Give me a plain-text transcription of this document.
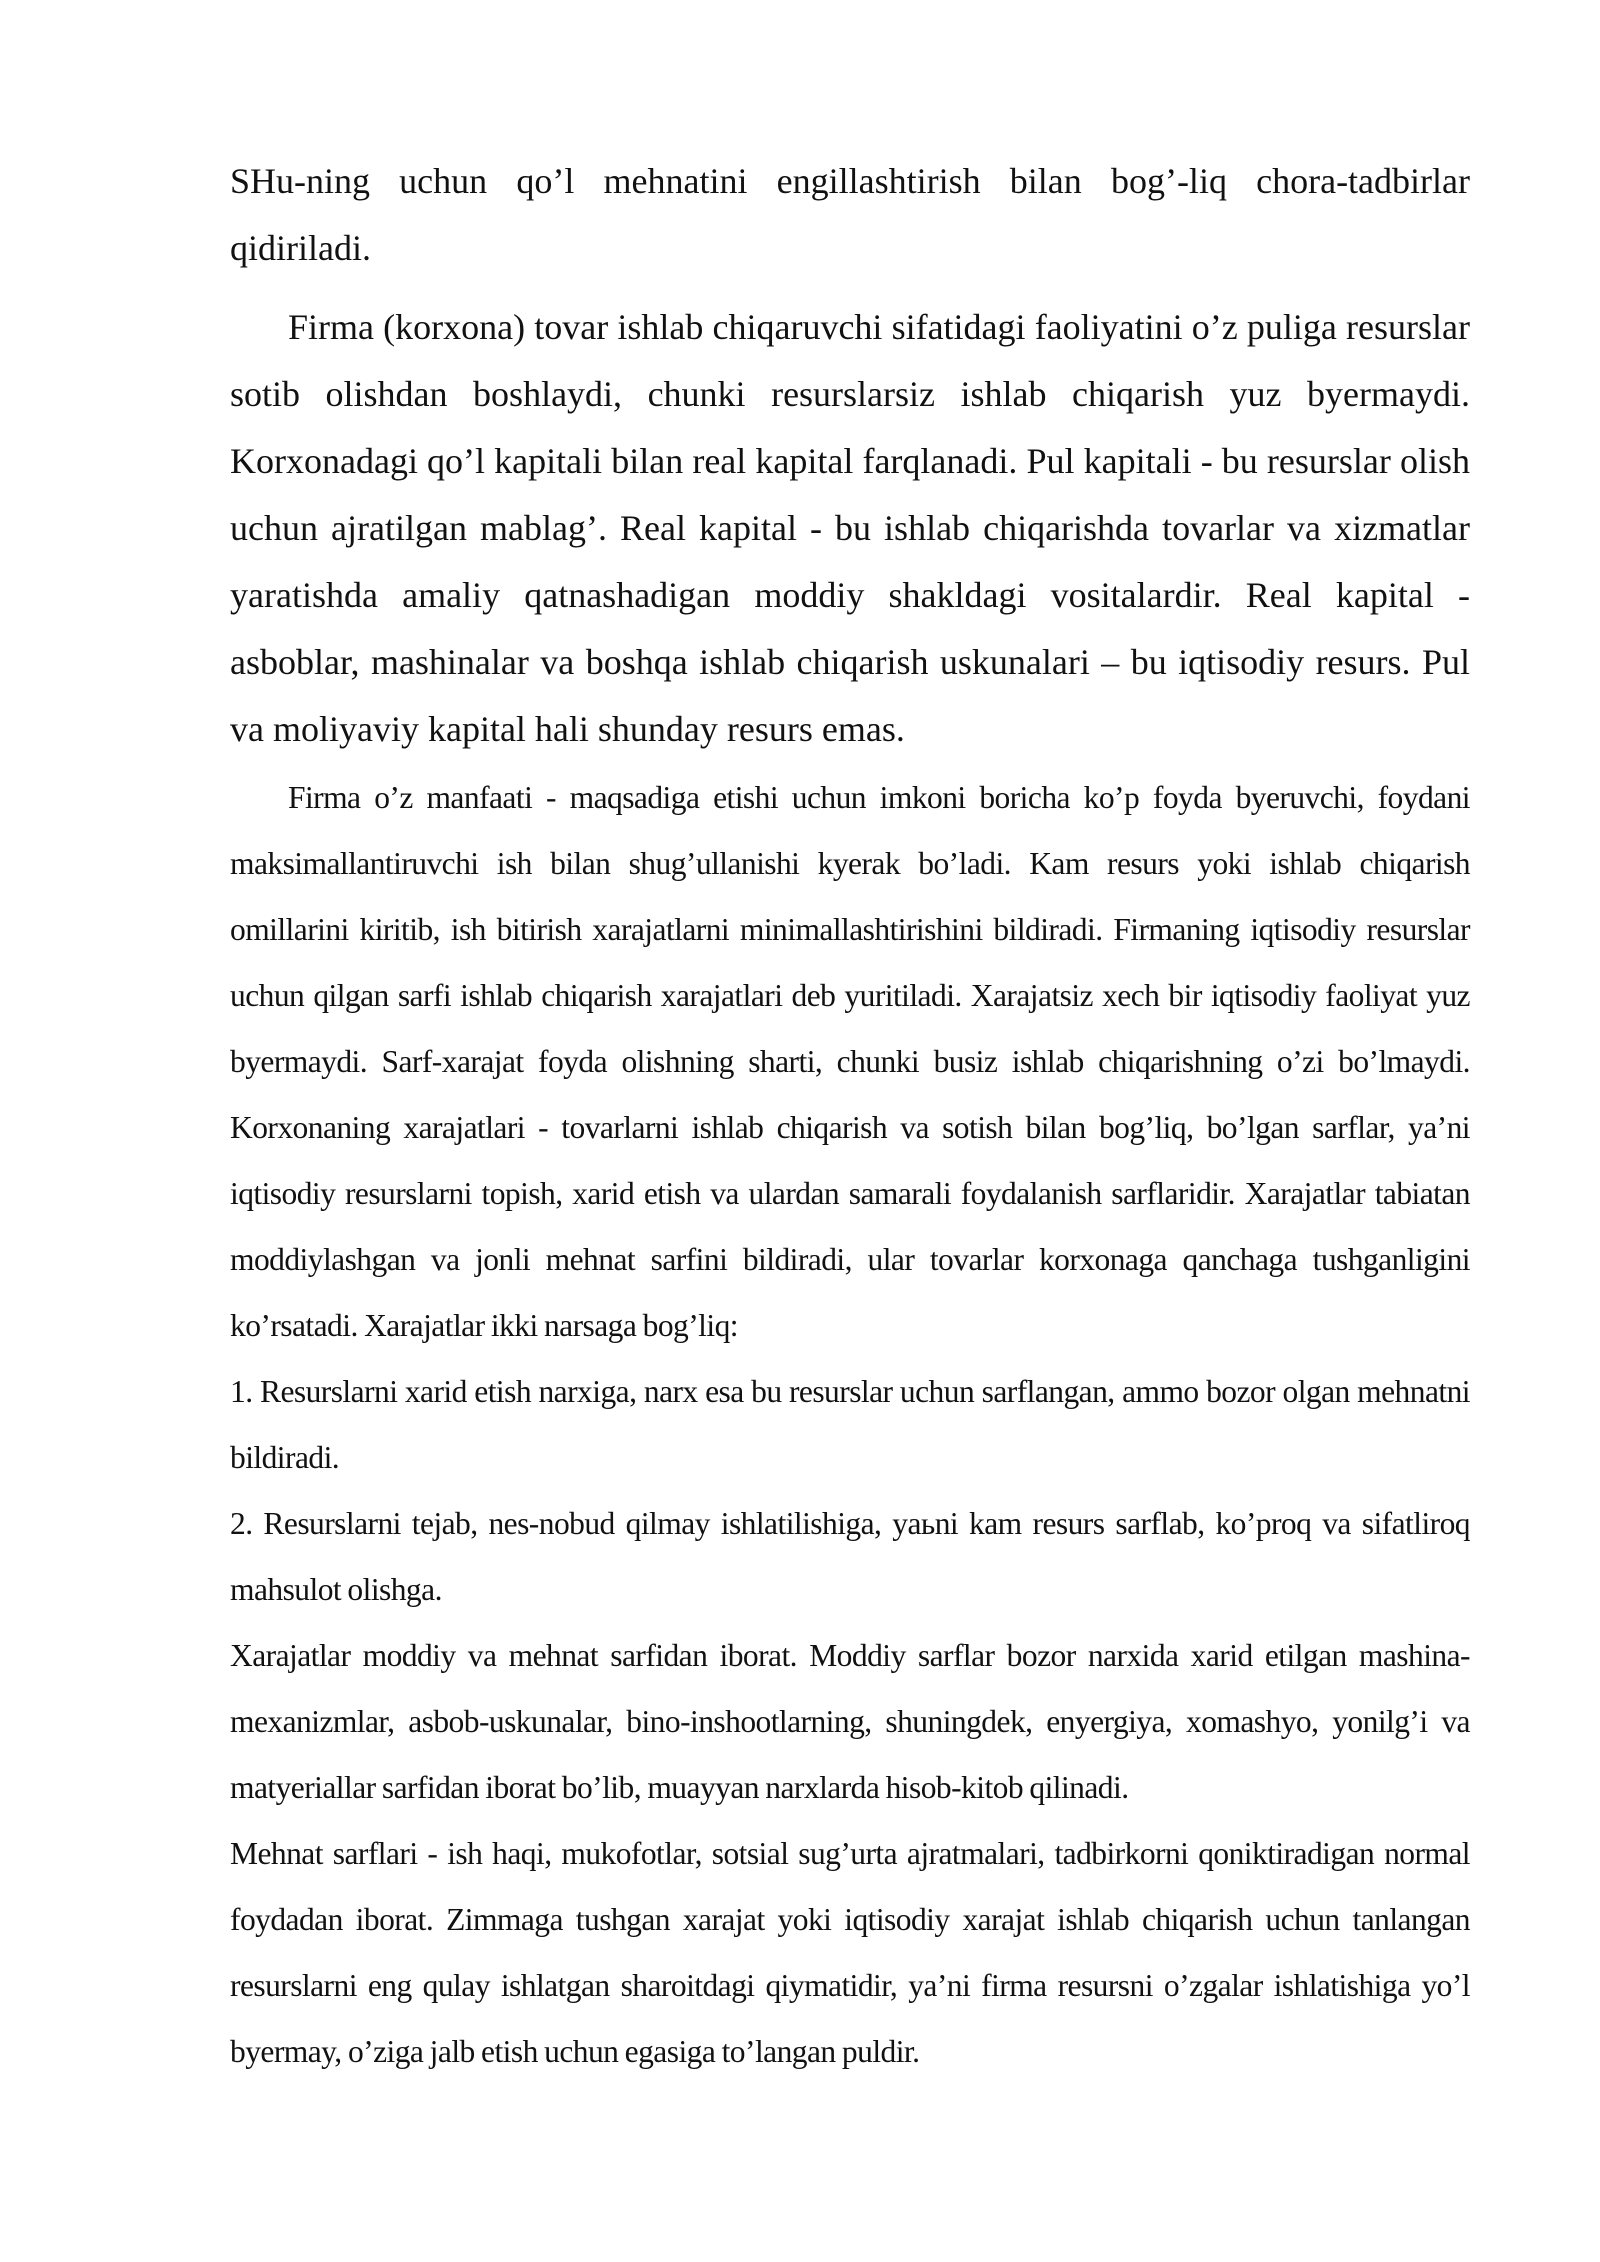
SHu-ning uchun qo’l mehnatini engillashtirish bilan bog’-liq chora-tadbirlar qidiriladi.

Firma (korxona) tovar ishlab chiqaruvchi sifatidagi faoliyatini o’z puliga resurslar sotib olishdan boshlaydi, chunki resurslarsiz ishlab chiqarish yuz byermaydi. Korxonadagi qo’l kapitali bilan real kapital farqlanadi. Pul kapitali - bu resurslar olish uchun ajratilgan mablag’. Real kapital - bu ishlab chiqarishda tovarlar va xizmatlar yaratishda amaliy qatnashadigan moddiy shakldagi vositalardir. Real kapital - asboblar, mashinalar va boshqa ishlab chiqarish uskunalari – bu iqtisodiy resurs. Pul va moliyaviy kapital hali shunday resurs emas.

Firma o’z manfaati - maqsadiga etishi uchun imkoni boricha ko’p foyda byeruvchi, foydani maksimallantiruvchi ish bilan shug’ullanishi kyerak bo’ladi. Kam resurs yoki ishlab chiqarish omillarini kiritib, ish bitirish xarajatlarni minimallashtirishini bildiradi. Firmaning iqtisodiy resurslar uchun qilgan sarfi ishlab chiqarish xarajatlari deb yuritiladi. Xarajatsiz xech bir iqtisodiy faoliyat yuz byermaydi. Sarf-xarajat foyda olishning sharti, chunki busiz ishlab chiqarishning o’zi bo’lmaydi. Korxonaning xarajatlari - tovarlarni ishlab chiqarish va sotish bilan bog’liq, bo’lgan sarflar, ya’ni iqtisodiy resurslarni topish, xarid etish va ulardan samarali foydalanish sarflaridir. Xarajatlar tabiatan moddiylashgan va jonli mehnat sarfini bildiradi, ular tovarlar korxonaga qanchaga tushganligini ko’rsatadi. Xarajatlar ikki narsaga bog’liq:

1. Resurslarni xarid etish narxiga, narx esa bu resurslar uchun sarflangan, ammo bozor olgan mehnatni bildiradi.

2. Resurslarni tejab, nes-nobud qilmay ishlatilishiga, yaьni kam resurs sarflab, ko’proq va sifatliroq mahsulot olishga.

Xarajatlar moddiy va mehnat sarfidan iborat. Moddiy sarflar bozor narxida xarid etilgan mashina-mexanizmlar, asbob-uskunalar, bino-inshootlarning, shuningdek, enyergiya, xomashyo, yonilg’i va matyeriallar sarfidan iborat bo’lib, muayyan narxlarda hisob-kitob qilinadi.

Mehnat sarflari - ish haqi, mukofotlar, sotsial sug’urta ajratmalari, tadbirkorni qoniktiradigan normal foydadan iborat. Zimmaga tushgan xarajat yoki iqtisodiy xarajat ishlab chiqarish uchun tanlangan resurslarni eng qulay ishlatgan sharoitdagi qiymatidir, ya’ni firma resursni o’zgalar ishlatishiga yo’l byermay, o’ziga jalb etish uchun egasiga to’langan puldir.
